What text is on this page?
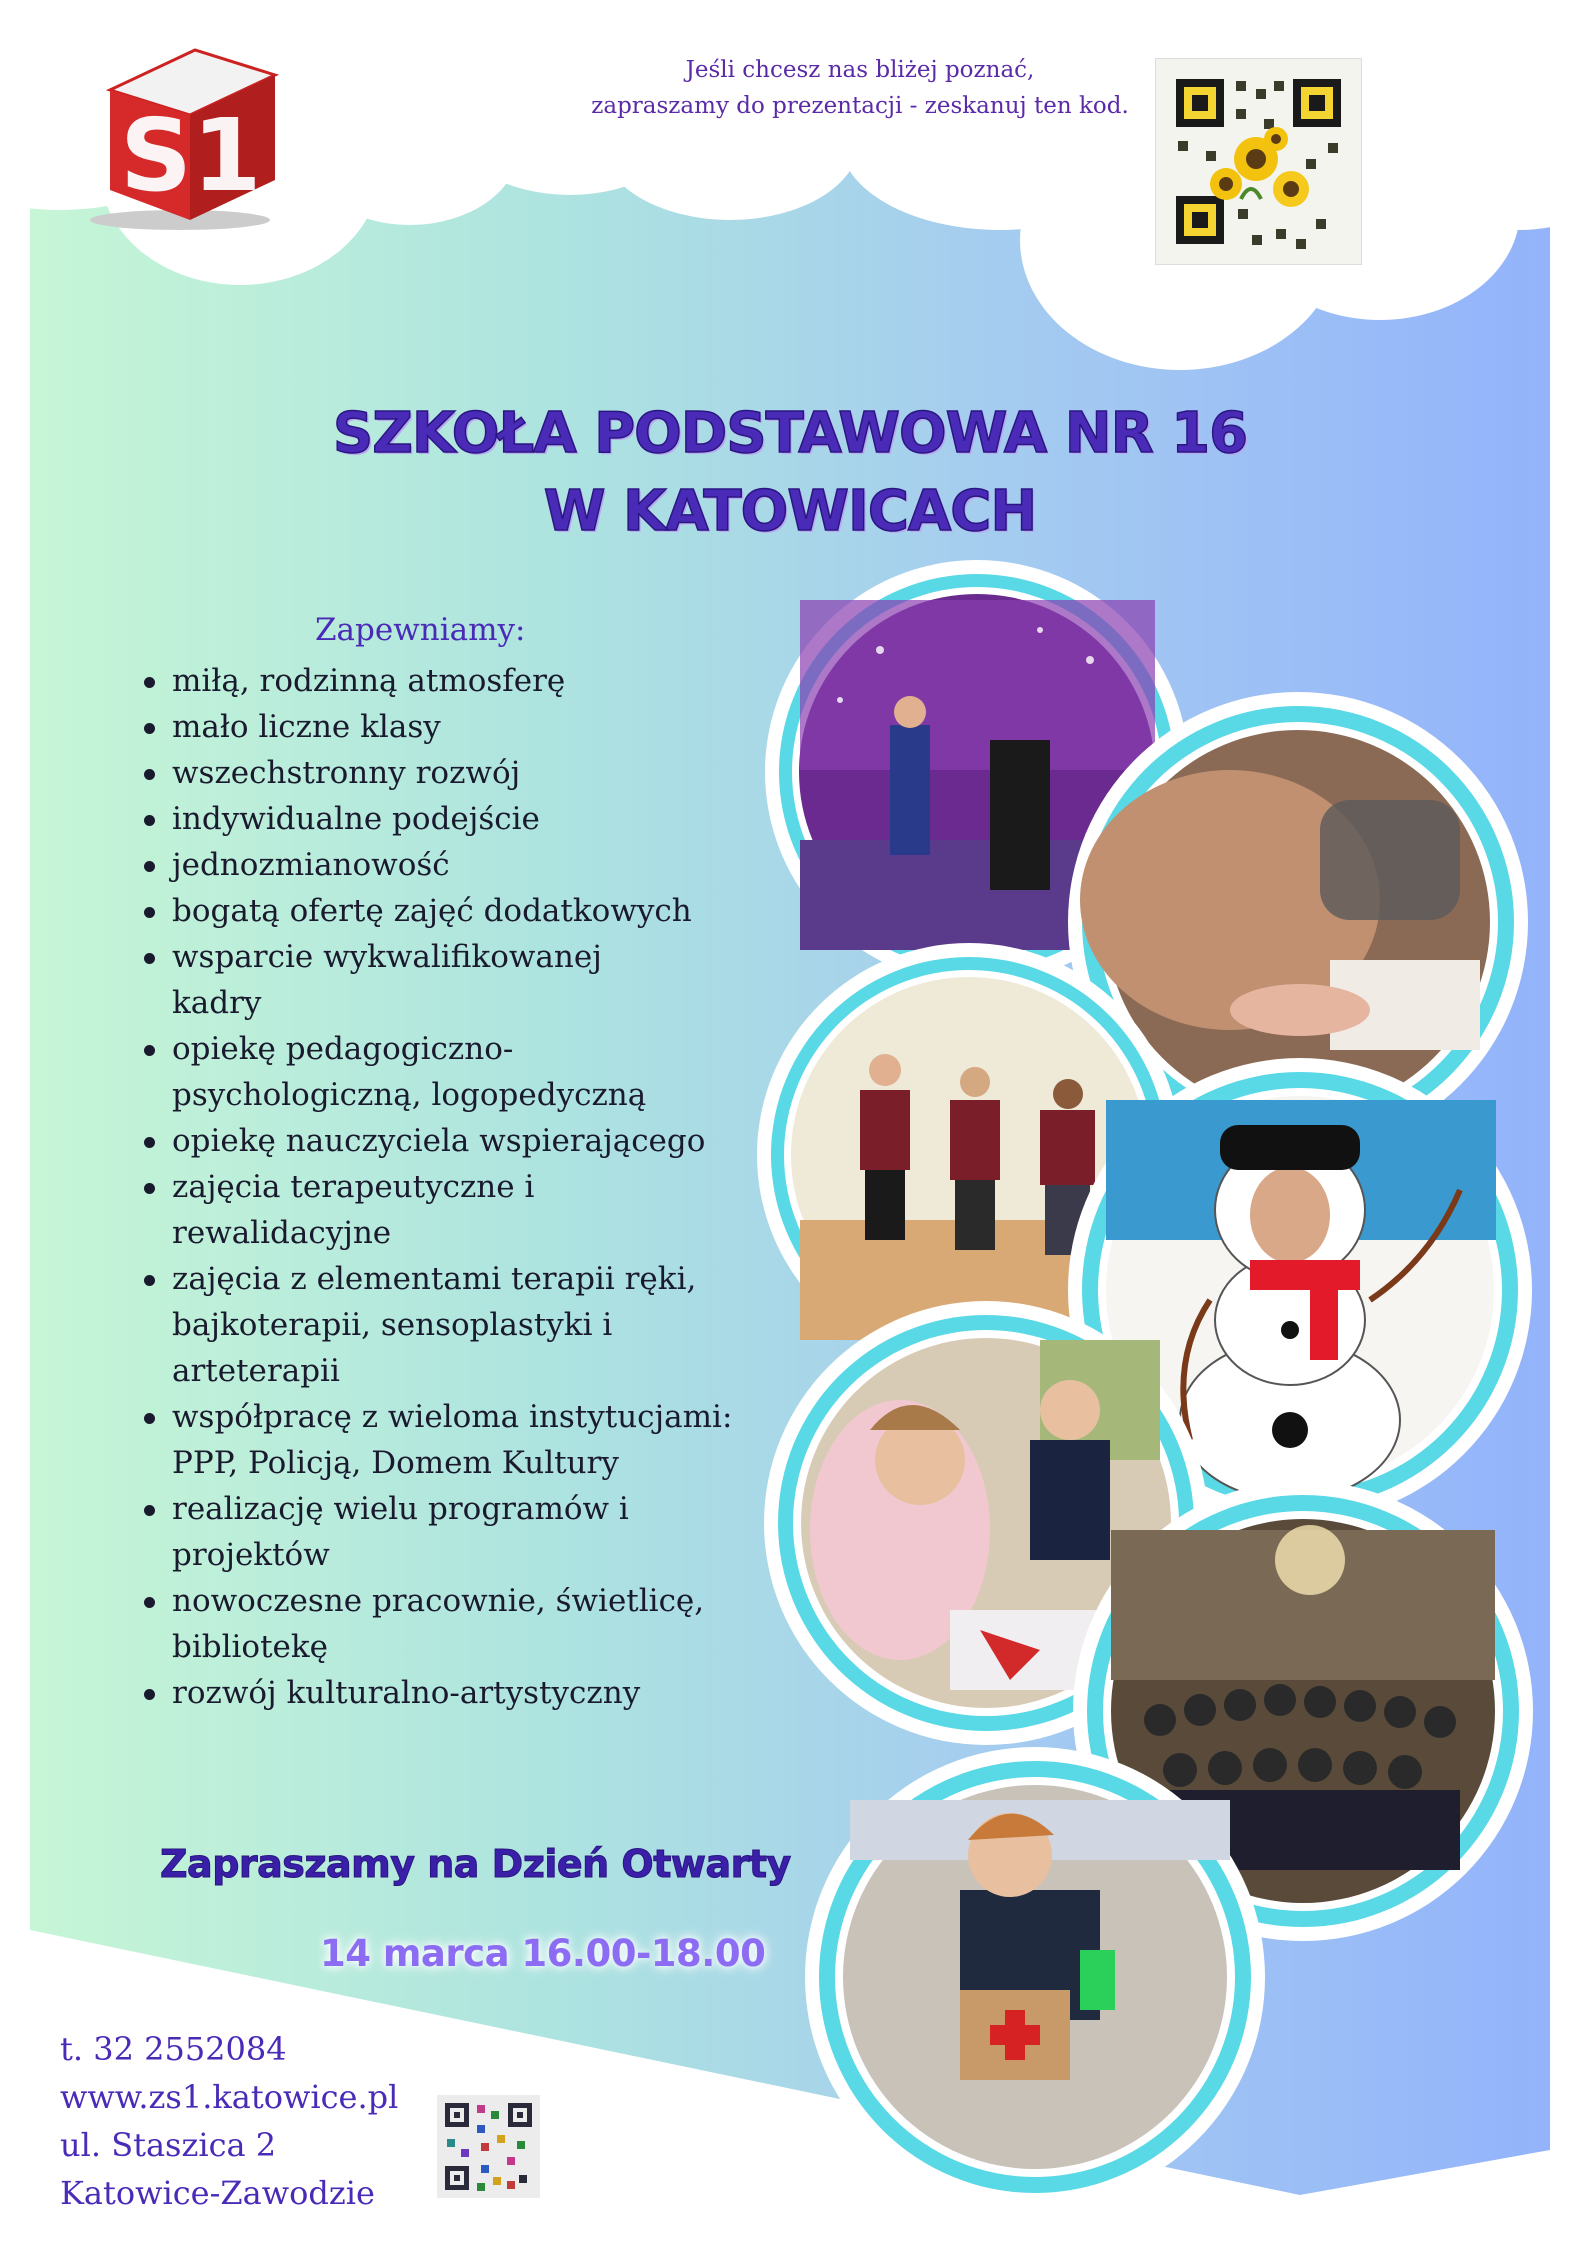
S1
Jeśli chcesz nas bliżej poznać,
zapraszamy do prezentacji - zeskanuj ten kod.
SZKOŁA PODSTAWOWA NR 16
W KATOWICACH
Zapewniamy:
miłą, rodzinną atmosferę
mało liczne klasy
wszechstronny rozwój
indywidualne podejście
jednozmianowość
bogatą ofertę zajęć dodatkowych
wsparcie wykwalifikowanej kadry
opiekę pedagogiczno-psychologiczną, logopedyczną
opiekę nauczyciela wspierającego
zajęcia terapeutyczne i rewalidacyjne
zajęcia z elementami terapii ręki, bajkoterapii, sensoplastyki i arteterapii
współpracę z wieloma instytucjami: PPP, Policją, Domem Kultury
realizację wielu programów i projektów
nowoczesne pracownie, świetlicę, bibliotekę
rozwój kulturalno-artystyczny
Zapraszamy na Dzień Otwarty
14 marca 16.00-18.00
t. 32 2552084
www.zs1.katowice.pl
ul. Staszica 2
Katowice-Zawodzie
